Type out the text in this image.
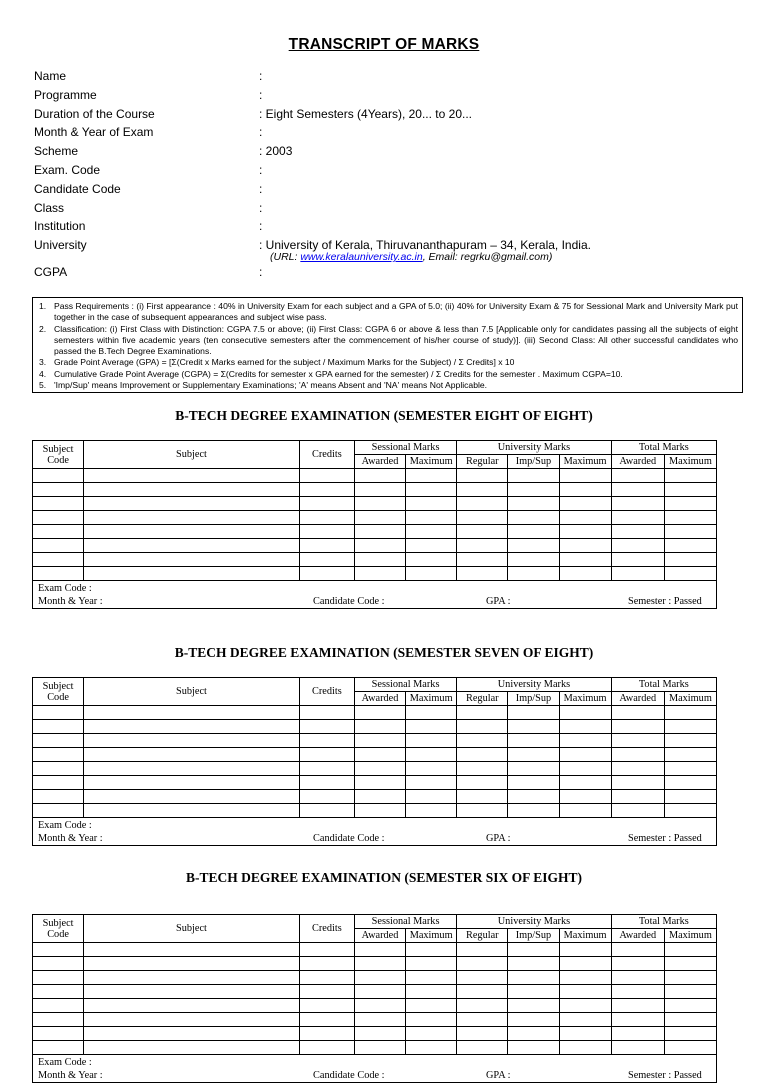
TRANSCRIPT OF MARKS
Name	:
Programme	:
Duration of the Course	: Eight Semesters (4Years), 20... to 20...
Month & Year of Exam	:
Scheme	: 2003
Exam. Code	:
Candidate Code	:
Class	:
Institution	:
University	: University of Kerala, Thiruvananthapuram – 34, Kerala, India.
CGPA	:
(URL: www.keralauniversity.ac.in, Email: regrku@gmail.com)
1. Pass Requirements : (i) First appearance : 40% in University Exam for each subject and a GPA of 5.0; (ii) 40% for University Exam & 75 for Sessional Mark and University Mark put together in the case of subsequent appearances and subject wise pass.
2. Classification: (i) First Class with Distinction: CGPA 7.5 or above; (ii) First Class: CGPA 6 or above & less than 7.5 [Applicable only for candidates passing all the subjects of eight semesters within five academic years (ten consecutive semesters after the commencement of his/her course of study)]. (iii) Second Class: All other successful candidates who passed the B.Tech Degree Examinations.
3. Grade Point Average (GPA) = [Σ(Credit x Marks earned for the subject / Maximum Marks for the Subject) / Σ Credits] x 10
4. Cumulative Grade Point Average (CGPA) = Σ(Credits for semester x GPA earned for the semester) / Σ Credits for the semester . Maximum CGPA=10.
5. 'Imp/Sup' means Improvement or Supplementary Examinations; 'A' means Absent and 'NA' means Not Applicable.
B-TECH DEGREE EXAMINATION (SEMESTER EIGHT OF EIGHT)
Subject Code	Subject	Credits	Sessional Marks		University Marks			Total Marks	
			Awarded	Maximum	Regular	Imp/Sup	Maximum	Awarded	Maximum

Exam Code :
Month & Year : Candidate Code : GPA : Semester : Passed									
B-TECH DEGREE EXAMINATION (SEMESTER SEVEN OF EIGHT)
Subject Code	Subject	Credits	Sessional Marks		University Marks			Total Marks	
			Awarded	Maximum	Regular	Imp/Sup	Maximum	Awarded	Maximum

Exam Code :
Month & Year : Candidate Code : GPA : Semester : Passed									
B-TECH DEGREE EXAMINATION (SEMESTER SIX OF EIGHT)
Subject Code	Subject	Credits	Sessional Marks		University Marks			Total Marks	
			Awarded	Maximum	Regular	Imp/Sup	Maximum	Awarded	Maximum

Exam Code :
Month & Year : Candidate Code : GPA : Semester : Passed									
